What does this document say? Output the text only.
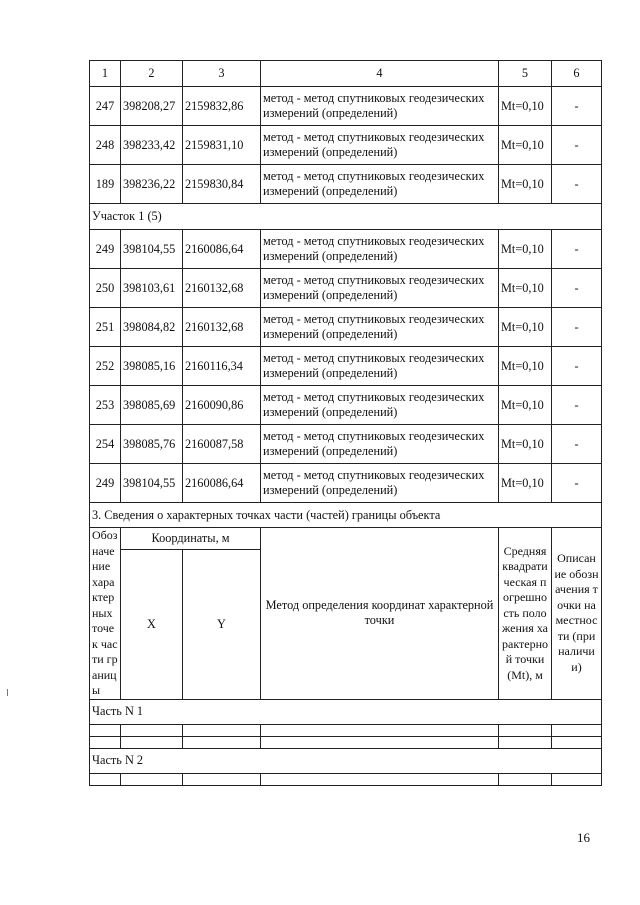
1	2	3	4	5	6
247	398208,27	2159832,86	метод - метод спутниковых геодезических измерений (определений)	Mt=0,10	-
248	398233,42	2159831,10	метод - метод спутниковых геодезических измерений (определений)	Mt=0,10	-
189	398236,22	2159830,84	метод - метод спутниковых геодезических измерений (определений)	Mt=0,10	-
Участок 1 (5)					
249	398104,55	2160086,64	метод - метод спутниковых геодезических измерений (определений)	Mt=0,10	-
250	398103,61	2160132,68	метод - метод спутниковых геодезических измерений (определений)	Mt=0,10	-
251	398084,82	2160132,68	метод - метод спутниковых геодезических измерений (определений)	Mt=0,10	-
252	398085,16	2160116,34	метод - метод спутниковых геодезических измерений (определений)	Mt=0,10	-
253	398085,69	2160090,86	метод - метод спутниковых геодезических измерений (определений)	Mt=0,10	-
254	398085,76	2160087,58	метод - метод спутниковых геодезических измерений (определений)	Mt=0,10	-
249	398104,55	2160086,64	метод - метод спутниковых геодезических измерений (определений)	Mt=0,10	-
3. Сведения о характерных точках части (частей) границы объекта					
Обозначение характерных точек части границы	Координаты, м		Метод определения координат характерной точки	Средняя квадратическая погрешность положения характерной точки (Mt), м	Описание обозначения точки на местности (при наличии)
	X	Y			
Часть N 1					

Часть N 2					

16
